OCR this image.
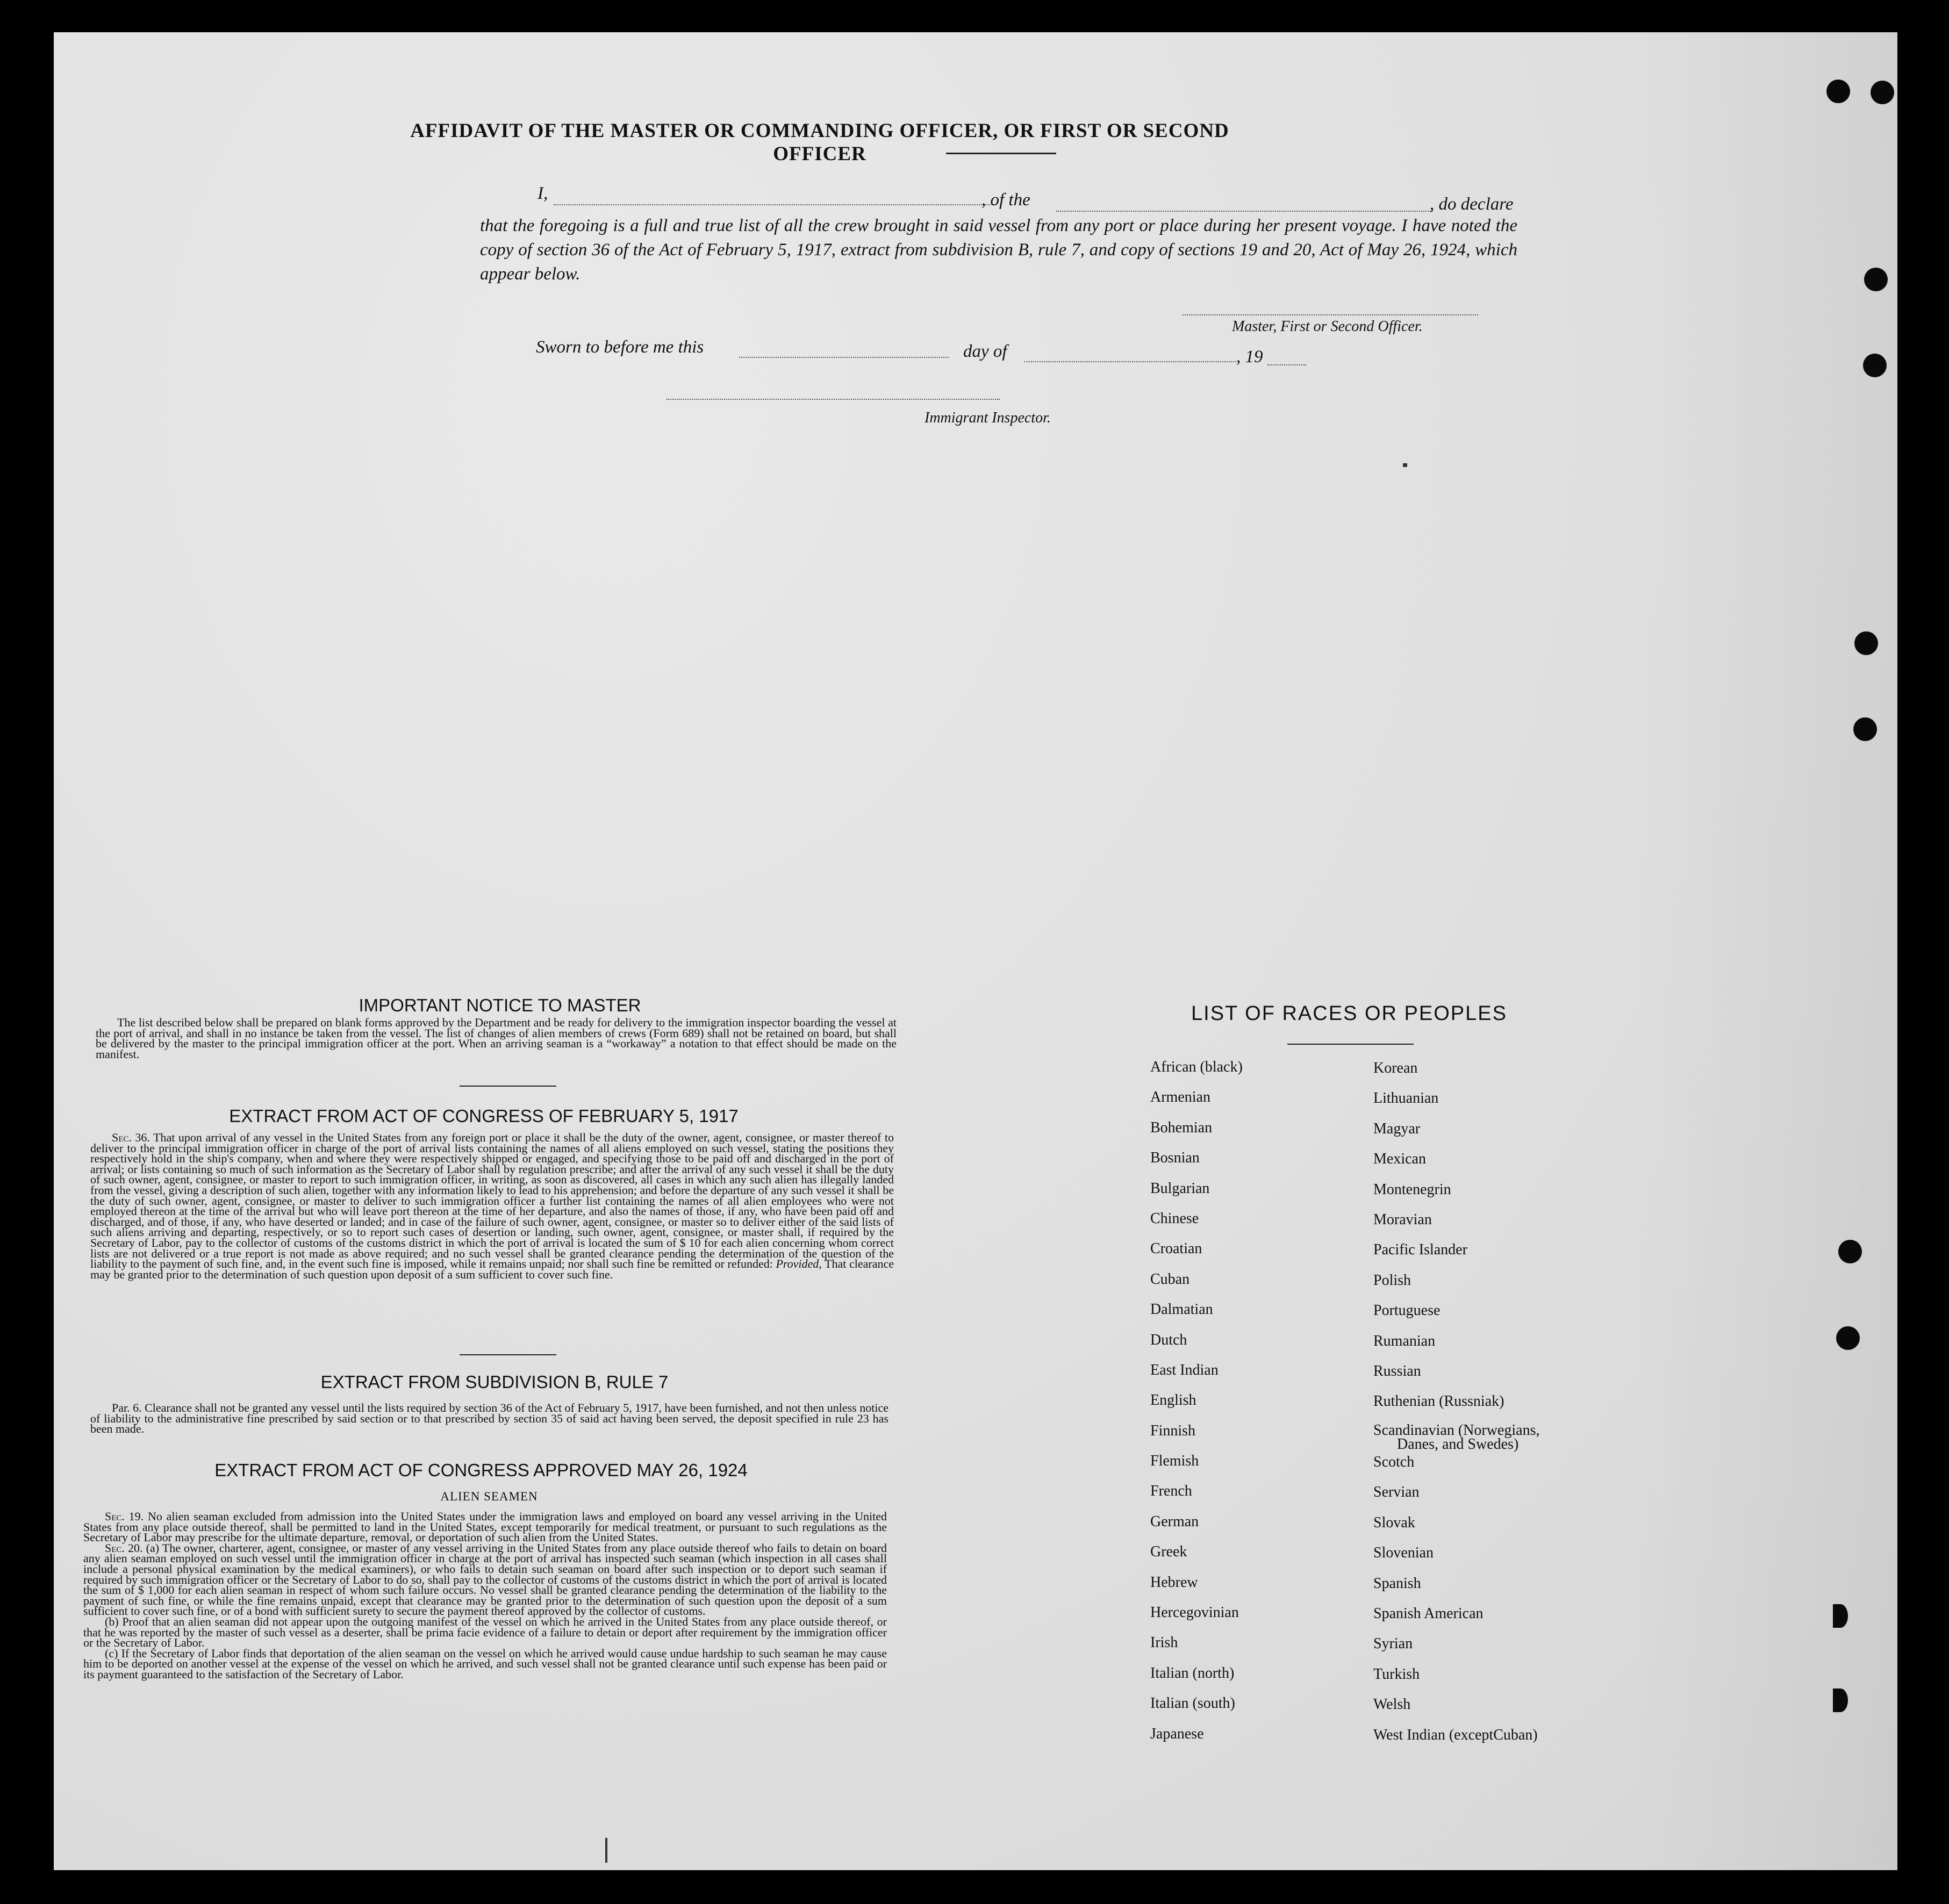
AFFIDAVIT OF THE MASTER OR COMMANDING OFFICER, OR FIRST OR SECOND OFFICER
I,	, of the	, do declare
that the foregoing is a full and true list of all the crew brought in said vessel from any port or place during her present voyage. I have noted the copy of section 36 of the Act of February 5, 1917, extract from subdivision B, rule 7, and copy of sections 19 and 20, Act of May 26, 1924, which appear below.
Master, First or Second Officer.
Sworn to before me this	day of	, 19
Immigrant Inspector.
IMPORTANT NOTICE TO MASTER

The list described below shall be prepared on blank forms approved by the Department and be ready for delivery to the immigration inspector boarding the vessel at the port of arrival, and shall in no instance be taken from the vessel. The list of changes of alien members of crews (Form 689) shall not be retained on board, but shall be delivered by the master to the principal immigration officer at the port. When an arriving seaman is a “workaway” a notation to that effect should be made on the manifest.

EXTRACT FROM ACT OF CONGRESS OF FEBRUARY 5, 1917

Sec. 36. That upon arrival of any vessel in the United States from any foreign port or place it shall be the duty of the owner, agent, consignee, or master thereof to deliver to the principal immigration officer in charge of the port of arrival lists containing the names of all aliens employed on such vessel, stating the positions they respectively hold in the ship's company, when and where they were respectively shipped or engaged, and specifying those to be paid off and discharged in the port of arrival; or lists containing so much of such information as the Secretary of Labor shall by regulation prescribe; and after the arrival of any such vessel it shall be the duty of such owner, agent, consignee, or master to report to such immigration officer, in writing, as soon as discovered, all cases in which any such alien has illegally landed from the vessel, giving a description of such alien, together with any information likely to lead to his apprehension; and before the departure of any such vessel it shall be the duty of such owner, agent, consignee, or master to deliver to such immigration officer a further list containing the names of all alien employees who were not employed thereon at the time of the arrival but who will leave port thereon at the time of her departure, and also the names of those, if any, who have been paid off and discharged, and of those, if any, who have deserted or landed; and in case of the failure of such owner, agent, consignee, or master so to deliver either of the said lists of such aliens arriving and departing, respectively, or so to report such cases of desertion or landing, such owner, agent, consignee, or master shall, if required by the Secretary of Labor, pay to the collector of customs of the customs district in which the port of arrival is located the sum of $ 10 for each alien concerning whom correct lists are not delivered or a true report is not made as above required; and no such vessel shall be granted clearance pending the determination of the question of the liability to the payment of such fine, and, in the event such fine is imposed, while it remains unpaid; nor shall such fine be remitted or refunded: Provided, That clearance may be granted prior to the determination of such question upon deposit of a sum sufficient to cover such fine.

EXTRACT FROM SUBDIVISION B, RULE 7

Par. 6. Clearance shall not be granted any vessel until the lists required by section 36 of the Act of February 5, 1917, have been furnished, and not then unless notice of liability to the administrative fine prescribed by said section or to that prescribed by section 35 of said act having been served, the deposit specified in rule 23 has been made.

EXTRACT FROM ACT OF CONGRESS APPROVED MAY 26, 1924
ALIEN SEAMEN

Sec. 19. No alien seaman excluded from admission into the United States under the immigration laws and employed on board any vessel arriving in the United States from any place outside thereof, shall be permitted to land in the United States, except temporarily for medical treatment, or pursuant to such regulations as the Secretary of Labor may prescribe for the ultimate departure, removal, or deportation of such alien from the United States.

Sec. 20. (a) The owner, charterer, agent, consignee, or master of any vessel arriving in the United States from any place outside thereof who fails to detain on board any alien seaman employed on such vessel until the immigration officer in charge at the port of arrival has inspected such seaman (which inspection in all cases shall include a personal physical examination by the medical examiners), or who fails to detain such seaman on board after such inspection or to deport such seaman if required by such immigration officer or the Secretary of Labor to do so, shall pay to the collector of customs of the customs district in which the port of arrival is located the sum of $ 1,000 for each alien seaman in respect of whom such failure occurs. No vessel shall be granted clearance pending the determination of the liability to the payment of such fine, or while the fine remains unpaid, except that clearance may be granted prior to the determination of such question upon the deposit of a sum sufficient to cover such fine, or of a bond with sufficient surety to secure the payment thereof approved by the collector of customs.

(b) Proof that an alien seaman did not appear upon the outgoing manifest of the vessel on which he arrived in the United States from any place outside thereof, or that he was reported by the master of such vessel as a deserter, shall be prima facie evidence of a failure to detain or deport after requirement by the immigration officer or the Secretary of Labor.

(c) If the Secretary of Labor finds that deportation of the alien seaman on the vessel on which he arrived would cause undue hardship to such seaman he may cause him to be deported on another vessel at the expense of the vessel on which he arrived, and such vessel shall not be granted clearance until such expense has been paid or its payment guaranteed to the satisfaction of the Secretary of Labor.

LIST OF RACES OR PEOPLES
African (black)
Armenian
Bohemian
Bosnian
Bulgarian
Chinese
Croatian
Cuban
Dalmatian
Dutch
East Indian
English
Finnish
Flemish
French
German
Greek
Hebrew
Hercegovinian
Irish
Italian (north)
Italian (south)
Japanese
Korean
Lithuanian
Magyar
Mexican
Montenegrin
Moravian
Pacific Islander
Polish
Portuguese
Rumanian
Russian
Ruthenian (Russniak)
Scandinavian (Norwegians,
Danes, and Swedes)
Scotch
Servian
Slovak
Slovenian
Spanish
Spanish American
Syrian
Turkish
Welsh
West Indian (exceptCuban)
